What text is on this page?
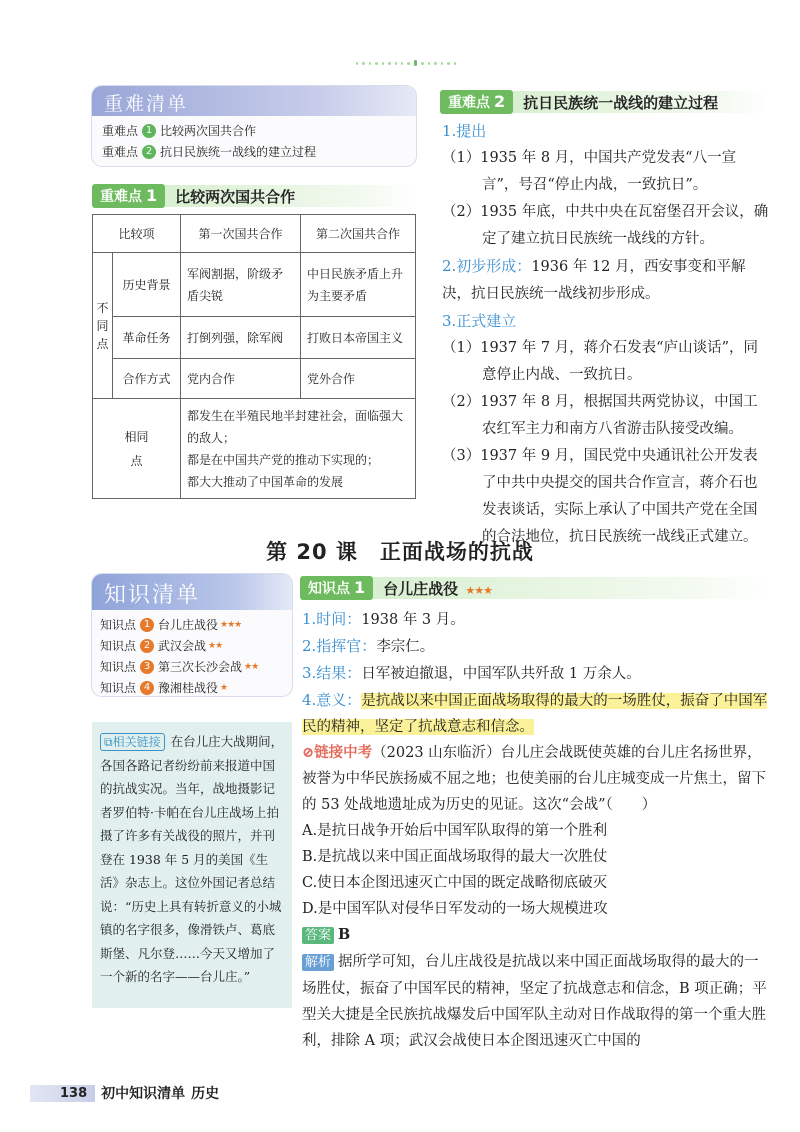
重难清单
重难点 1 比较两次国共合作
重难点 2 抗日民族统一战线的建立过程
重难点 1	比较两次国共合作
比较项		第一次国共合作	第二次国共合作
不同点	历史背景	军阀割据，阶级矛盾尖锐	中日民族矛盾上升为主要矛盾
	革命任务	打倒列强，除军阀	打败日本帝国主义
	合作方式	党内合作	党外合作
相同点		都发生在半殖民地半封建社会，面临强大的敌人；
都是在中国共产党的推动下实现的；
都大大推动了中国革命的发展	
重难点 2	抗日民族统一战线的建立过程
1.提出
（1）1935 年 8 月，中国共产党发表“八一宣言”，号召“停止内战，一致抗日”。
（2）1935 年底，中共中央在瓦窑堡召开会议，确定了建立抗日民族统一战线的方针。
2.初步形成：1936 年 12 月，西安事变和平解决，抗日民族统一战线初步形成。
3.正式建立
（1）1937 年 7 月，蒋介石发表“庐山谈话”，同意停止内战、一致抗日。
（2）1937 年 8 月，根据国共两党协议，中国工农红军主力和南方八省游击队接受改编。
（3）1937 年 9 月，国民党中央通讯社公开发表了中共中央提交的国共合作宣言，蒋介石也发表谈话，实际上承认了中国共产党在全国的合法地位，抗日民族统一战线正式建立。
第 20 课　正面战场的抗战
知识清单
知识点 1 台儿庄战役 ★★★
知识点 2 武汉会战 ★★
知识点 3 第三次长沙会战 ★★
知识点 4 豫湘桂战役 ★
⧉相关链接 在台儿庄大战期间，各国各路记者纷纷前来报道中国的抗战实况。当年，战地摄影记者罗伯特·卡帕在台儿庄战场上拍摄了许多有关战役的照片，并刊登在 1938 年 5 月的美国《生活》杂志上。这位外国记者总结说：“历史上具有转折意义的小城镇的名字很多，像滑铁卢、葛底斯堡、凡尔登……今天又增加了一个新的名字——台儿庄。”
知识点 1	台儿庄战役 ★★★
1.时间：1938 年 3 月。
2.指挥官：李宗仁。
3.结果：日军被迫撤退，中国军队共歼敌 1 万余人。
4.意义：是抗战以来中国正面战场取得的最大的一场胜仗，振奋了中国军民的精神，坚定了抗战意志和信念。
⊘链接中考（2023 山东临沂）台儿庄会战既使英雄的台儿庄名扬世界，被誉为中华民族扬威不屈之地；也使美丽的台儿庄城变成一片焦土，留下的 53 处战地遗址成为历史的见证。这次“会战”（　　）
A.是抗日战争开始后中国军队取得的第一个胜利
B.是抗战以来中国正面战场取得的最大一次胜仗
C.使日本企图迅速灭亡中国的既定战略彻底破灭
D.是中国军队对侵华日军发动的一场大规模进攻
答案 B
解析 据所学可知，台儿庄战役是抗战以来中国正面战场取得的最大的一场胜仗，振奋了中国军民的精神，坚定了抗战意志和信念，B 项正确；平型关大捷是全民族抗战爆发后中国军队主动对日作战取得的第一个重大胜利，排除 A 项；武汉会战使日本企图迅速灭亡中国的
138	初中知识清单 历史
